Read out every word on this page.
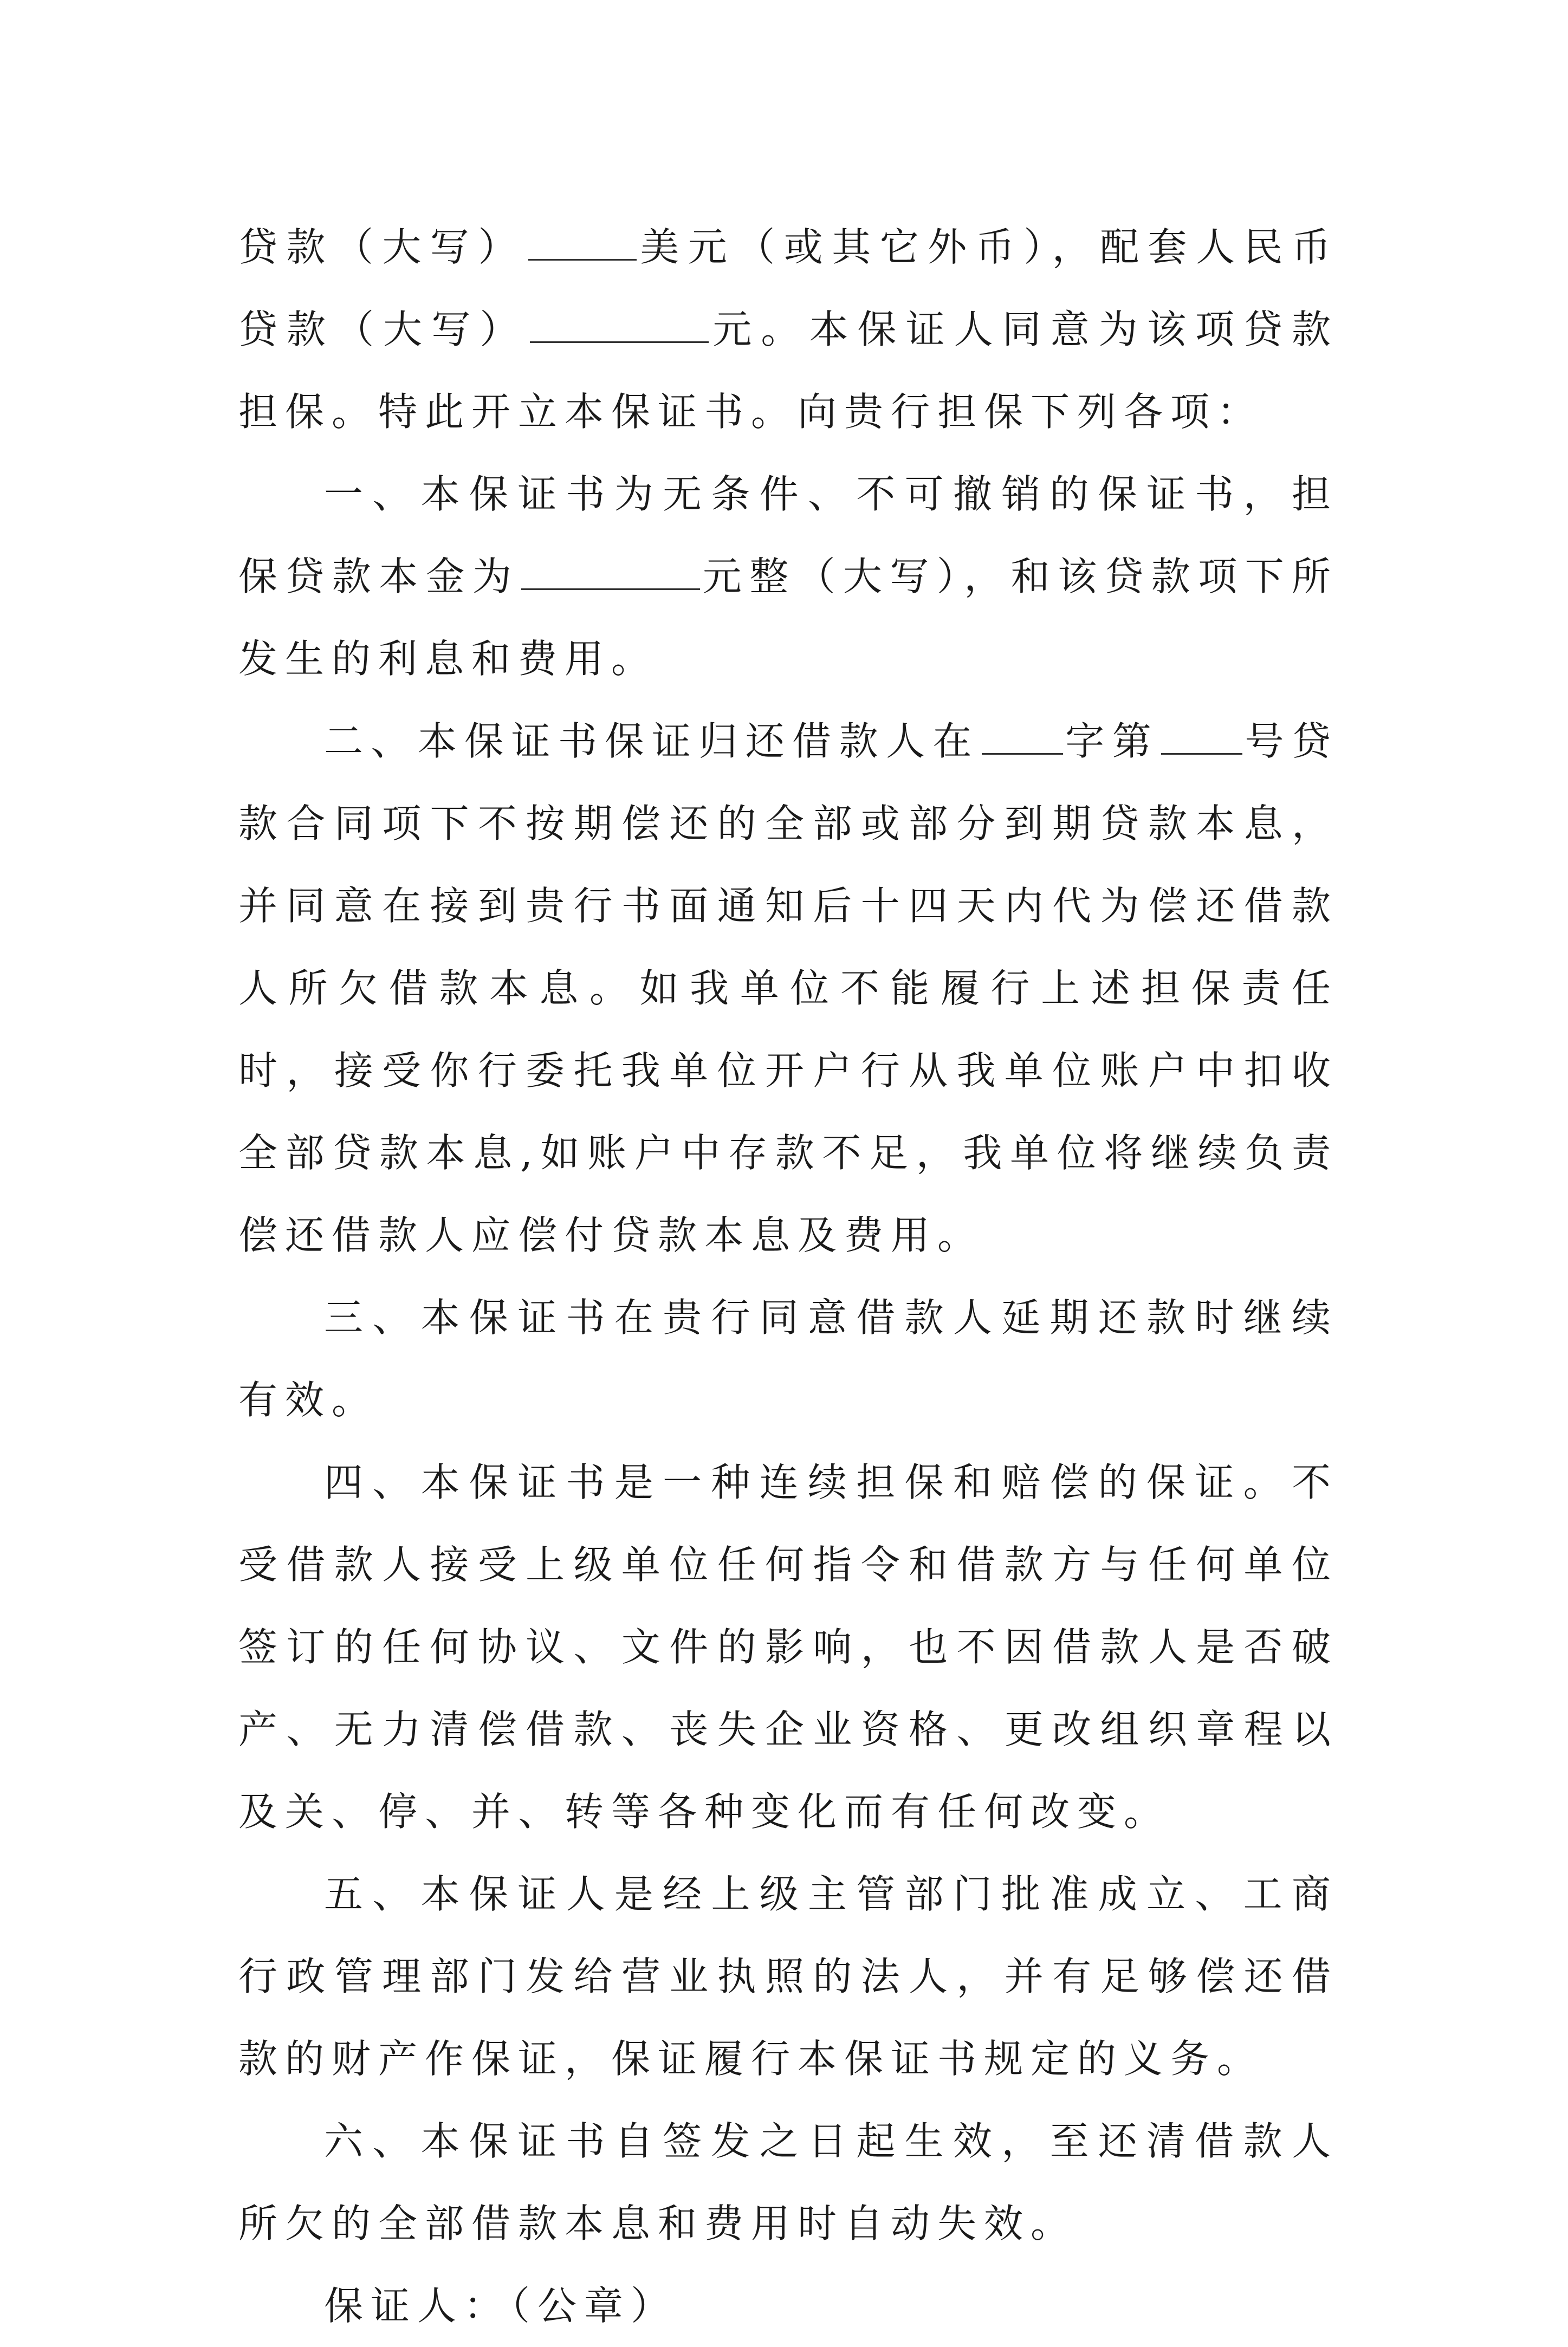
贷款（大写）	美元（或其它外币），配套人民币贷款（大写）	元。本保证人同意为该项贷款担保。特此开立本保证书。向贵行担保下列各项：

一、本保证书为无条件、不可撤销的保证书，担保贷款本金为	元整（大写），和该贷款项下所发生的利息和费用。

二、本保证书保证归还借款人在 字第 号贷款合同项下不按期偿还的全部或部分到期贷款本息，并同意在接到贵行书面通知后十四天内代为偿还借款人所欠借款本息。如我单位不能履行上述担保责任时，接受你行委托我单位开户行从我单位账户中扣收全部贷款本息,如账户中存款不足，我单位将继续负责偿还借款人应偿付贷款本息及费用。

三、本保证书在贵行同意借款人延期还款时继续有效。

四、本保证书是一种连续担保和赔偿的保证。不受借款人接受上级单位任何指令和借款方与任何单位签订的任何协议、文件的影响，也不因借款人是否破产、无力清偿借款、丧失企业资格、更改组织章程以及关、停、并、转等各种变化而有任何改变。

五、本保证人是经上级主管部门批准成立、工商行政管理部门发给营业执照的法人，并有足够偿还借款的财产作保证，保证履行本保证书规定的义务。

六、本保证书自签发之日起生效，至还清借款人所欠的全部借款本息和费用时自动失效。

保证人：（公章）
